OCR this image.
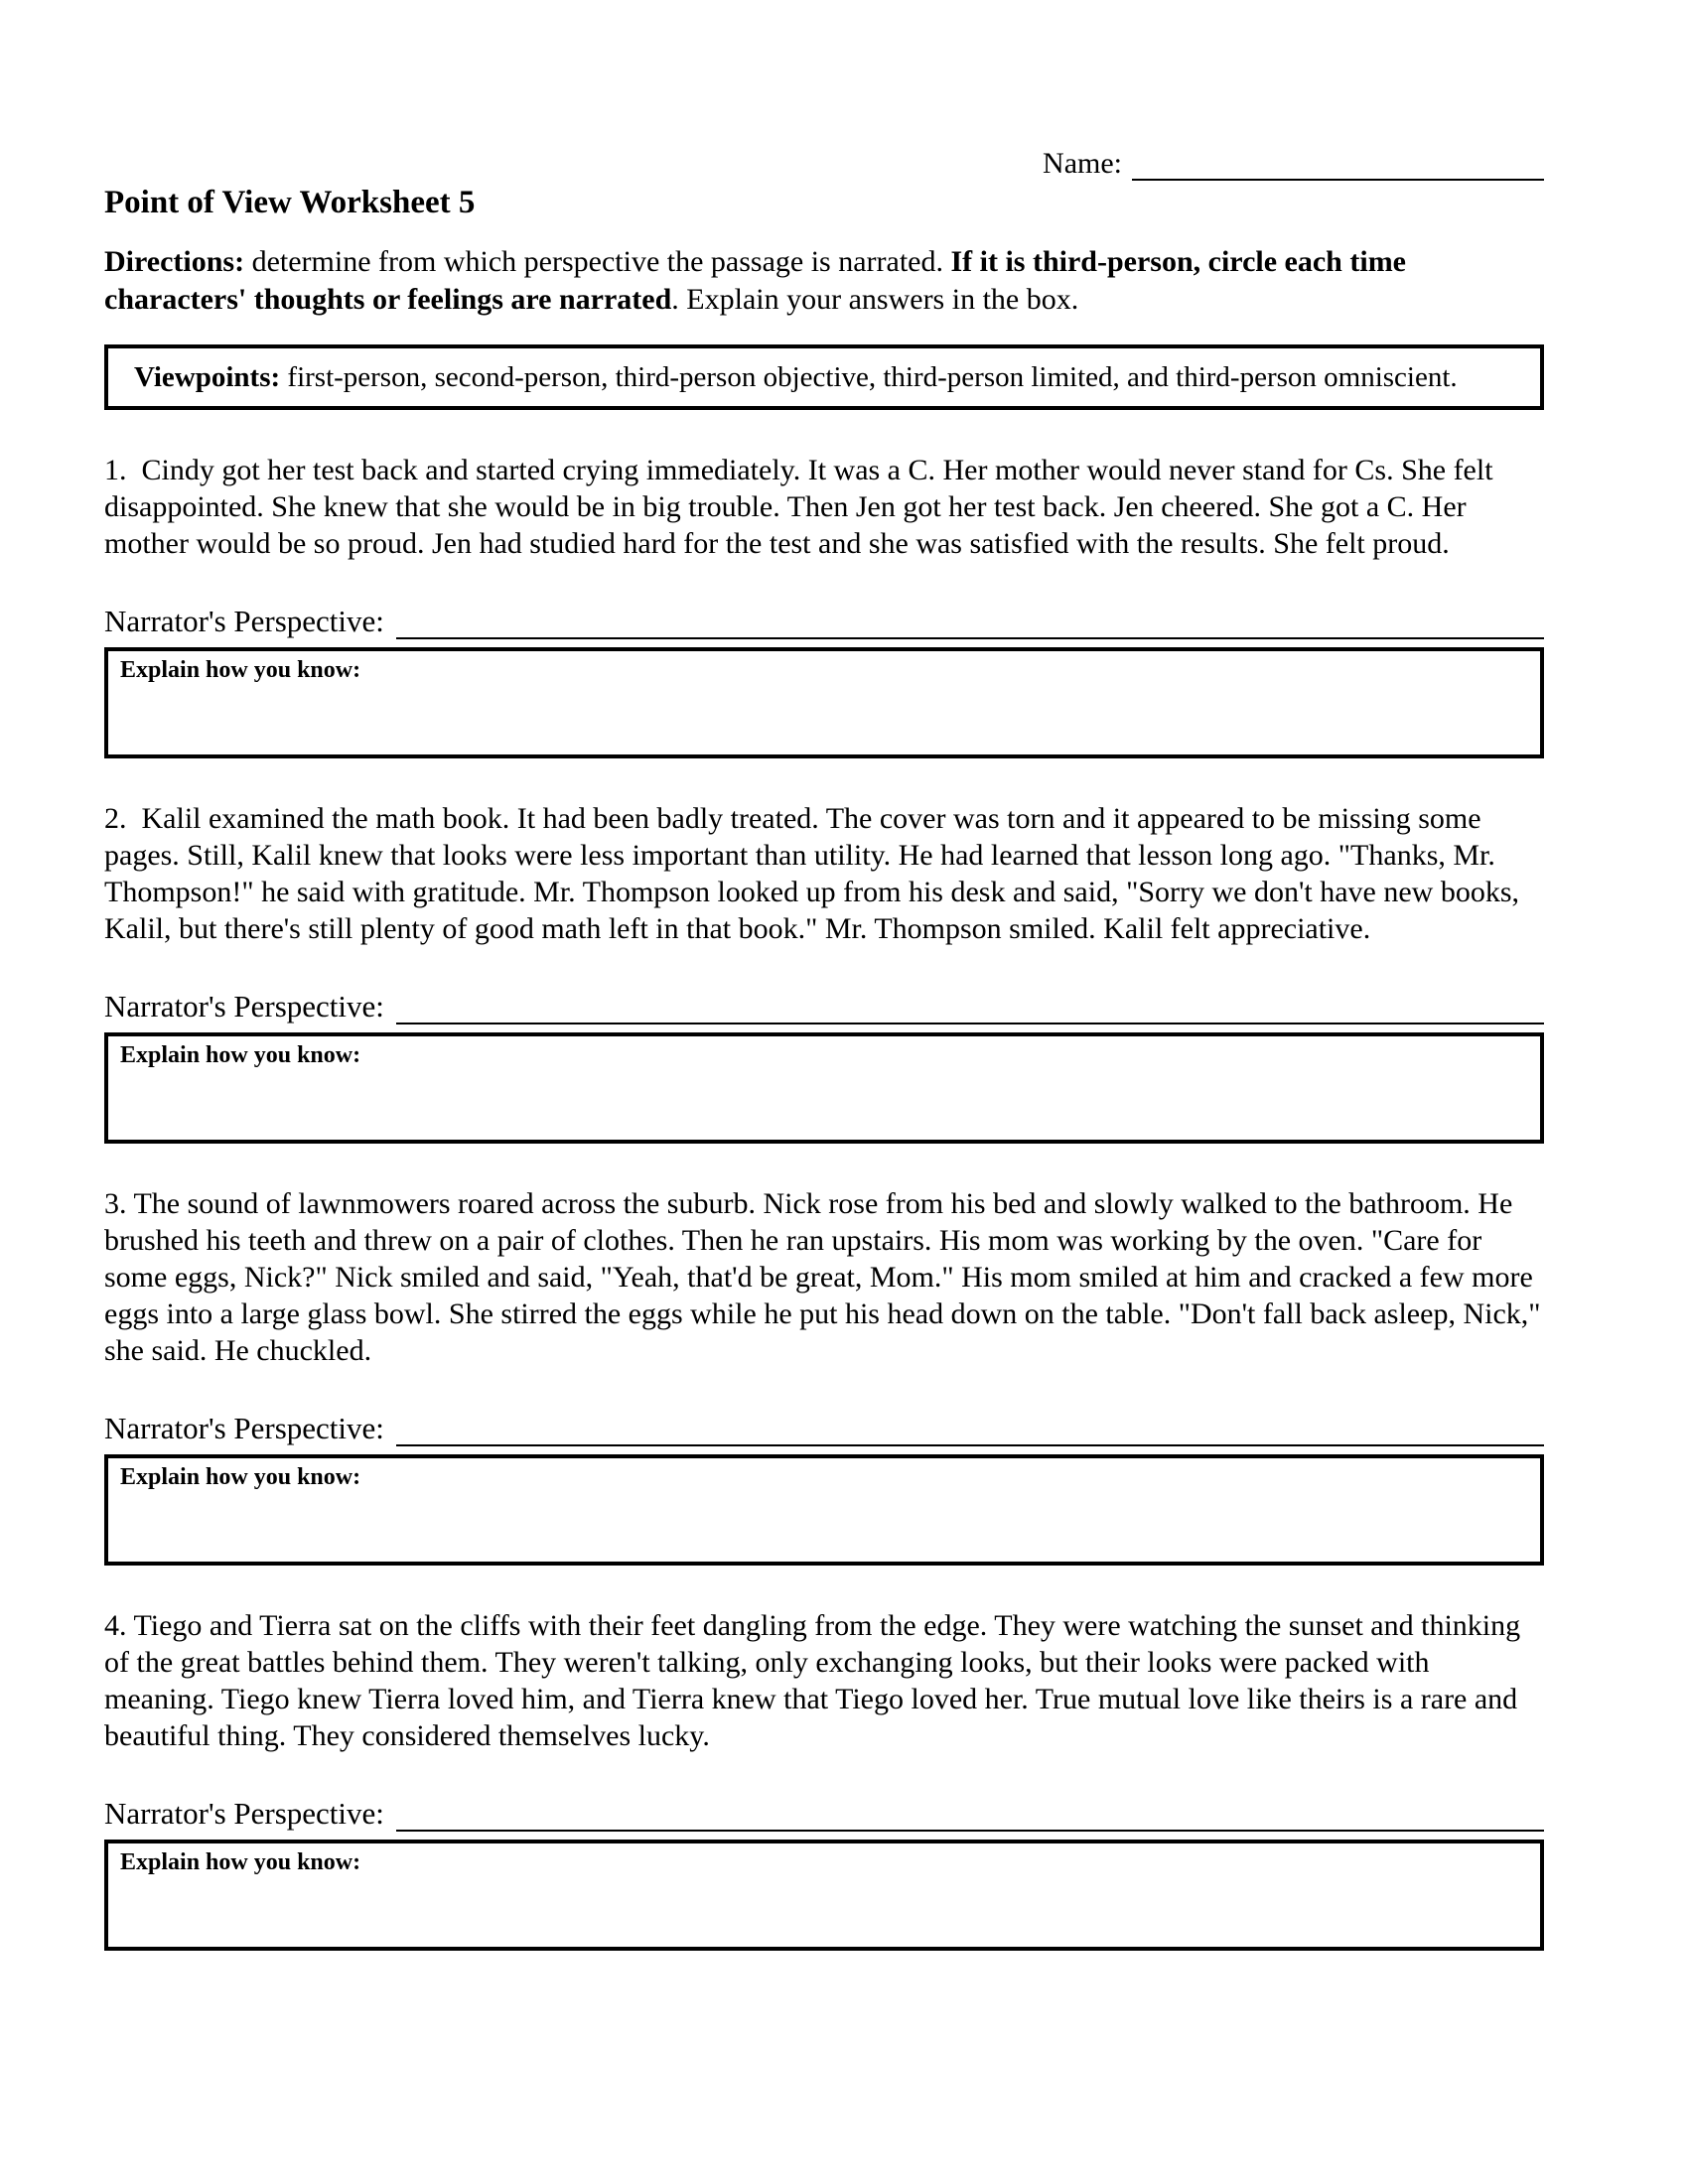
Name:
Point of View Worksheet 5

Directions: determine from which perspective the passage is narrated. If it is third-person, circle each time characters' thoughts or feelings are narrated. Explain your answers in the box.

Viewpoints: first-person, second-person, third-person objective, third-person limited, and third-person omniscient.

1.  Cindy got her test back and started crying immediately. It was a C. Her mother would never stand for Cs. She felt disappointed. She knew that she would be in big trouble. Then Jen got her test back. Jen cheered. She got a C. Her mother would be so proud. Jen had studied hard for the test and she was satisfied with the results. She felt proud.

Narrator's Perspective:
Explain how you know:

2.  Kalil examined the math book. It had been badly treated. The cover was torn and it appeared to be missing some pages. Still, Kalil knew that looks were less important than utility. He had learned that lesson long ago. "Thanks, Mr. Thompson!" he said with gratitude. Mr. Thompson looked up from his desk and said, "Sorry we don't have new books, Kalil, but there's still plenty of good math left in that book." Mr. Thompson smiled. Kalil felt appreciative.

Narrator's Perspective:
Explain how you know:

3. The sound of lawnmowers roared across the suburb. Nick rose from his bed and slowly walked to the bathroom. He brushed his teeth and threw on a pair of clothes. Then he ran upstairs. His mom was working by the oven. "Care for some eggs, Nick?" Nick smiled and said, "Yeah, that'd be great, Mom." His mom smiled at him and cracked a few more eggs into a large glass bowl. She stirred the eggs while he put his head down on the table. "Don't fall back asleep, Nick," she said. He chuckled.

Narrator's Perspective:
Explain how you know:

4. Tiego and Tierra sat on the cliffs with their feet dangling from the edge. They were watching the sunset and thinking of the great battles behind them. They weren't talking, only exchanging looks, but their looks were packed with meaning. Tiego knew Tierra loved him, and Tierra knew that Tiego loved her. True mutual love like theirs is a rare and beautiful thing. They considered themselves lucky.

Narrator's Perspective:
Explain how you know:
